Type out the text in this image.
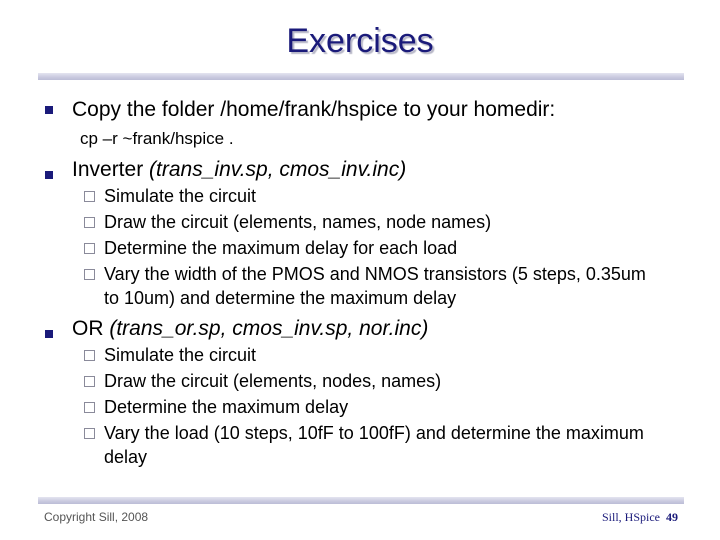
Exercises
Copy the folder /home/frank/hspice to your homedir:
cp –r ~frank/hspice .
Inverter (trans_inv.sp, cmos_inv.inc)
Simulate the circuit
Draw the circuit (elements, names, node names)
Determine the maximum delay for each load
Vary the width of the PMOS and NMOS transistors (5 steps, 0.35um to 10um) and determine the maximum delay
OR (trans_or.sp, cmos_inv.sp, nor.inc)
Simulate the circuit
Draw the circuit (elements, nodes, names)
Determine the maximum delay
Vary the load (10 steps, 10fF to 100fF) and determine the maximum delay
Copyright Sill, 2008	Sill, HSpice 49
